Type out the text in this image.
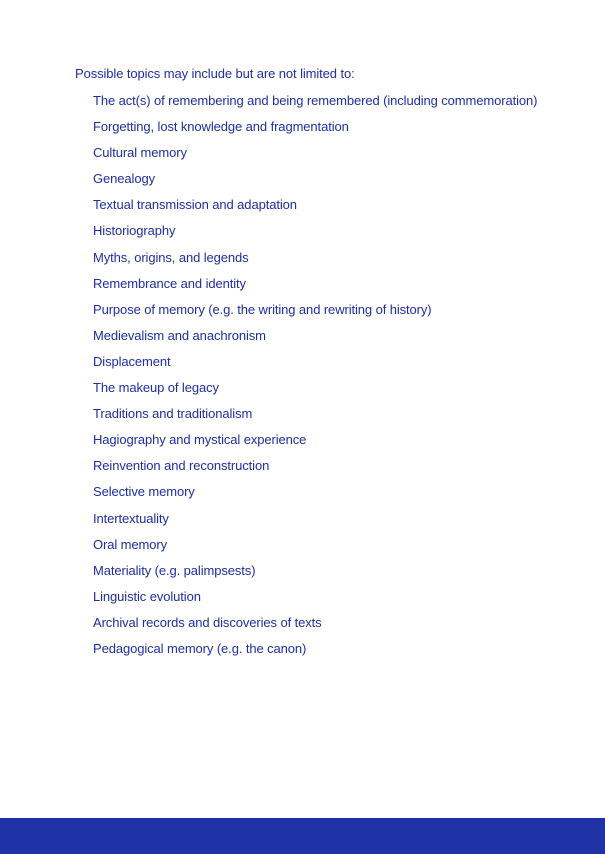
Possible topics may include but are not limited to:
The act(s) of remembering and being remembered (including commemoration)
Forgetting, lost knowledge and fragmentation
Cultural memory
Genealogy
Textual transmission and adaptation
Historiography
Myths, origins, and legends
Remembrance and identity
Purpose of memory (e.g. the writing and rewriting of history)
Medievalism and anachronism
Displacement
The makeup of legacy
Traditions and traditionalism
Hagiography and mystical experience
Reinvention and reconstruction
Selective memory
Intertextuality
Oral memory
Materiality (e.g. palimpsests)
Linguistic evolution
Archival records and discoveries of texts
Pedagogical memory (e.g. the canon)
